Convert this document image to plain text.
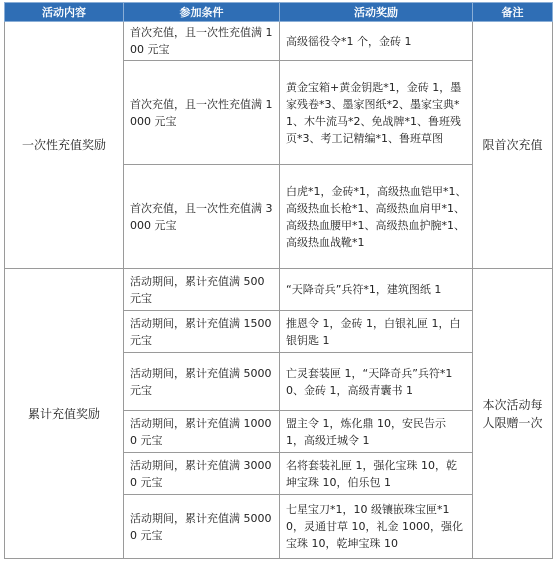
活动内容	参加条件	活动奖励	备注
一次性充值奖励	首次充值，且一次性充值满 100 元宝	高级徭役令*1 个，金砖 1	限首次充值
	首次充值，且一次性充值满 1000 元宝	黄金宝箱+黄金钥匙*1，金砖 1，墨家残卷*3、墨家图纸*2、墨家宝典*1、木牛流马*2、免战牌*1、鲁班残页*3、考工记精编*1、鲁班草图	
	首次充值，且一次性充值满 3000 元宝	白虎*1，金砖*1，高级热血铠甲*1、高级热血长枪*1、高级热血肩甲*1、高级热血腰甲*1、高级热血护腕*1、高级热血战靴*1	
累计充值奖励	活动期间，累计充值满 500 元宝	“天降奇兵”兵符*1，建筑图纸 1	本次活动每人限赠一次
	活动期间，累计充值满 1500 元宝	推恩令 1，金砖 1，白银礼匣 1，白银钥匙 1	
	活动期间，累计充值满 5000 元宝	亡灵套装匣 1，“天降奇兵”兵符*10、金砖 1，高级青囊书 1	
	活动期间，累计充值满 10000 元宝	盟主令 1，炼化鼎 10，安民告示 1，高级迁城令 1	
	活动期间，累计充值满 30000 元宝	名将套装礼匣 1，强化宝珠 10，乾坤宝珠 10，伯乐包 1	
	活动期间，累计充值满 50000 元宝	七星宝刀*1，10 级镶嵌珠宝匣*10，灵通甘草 10，礼金 1000，强化宝珠 10，乾坤宝珠 10	
